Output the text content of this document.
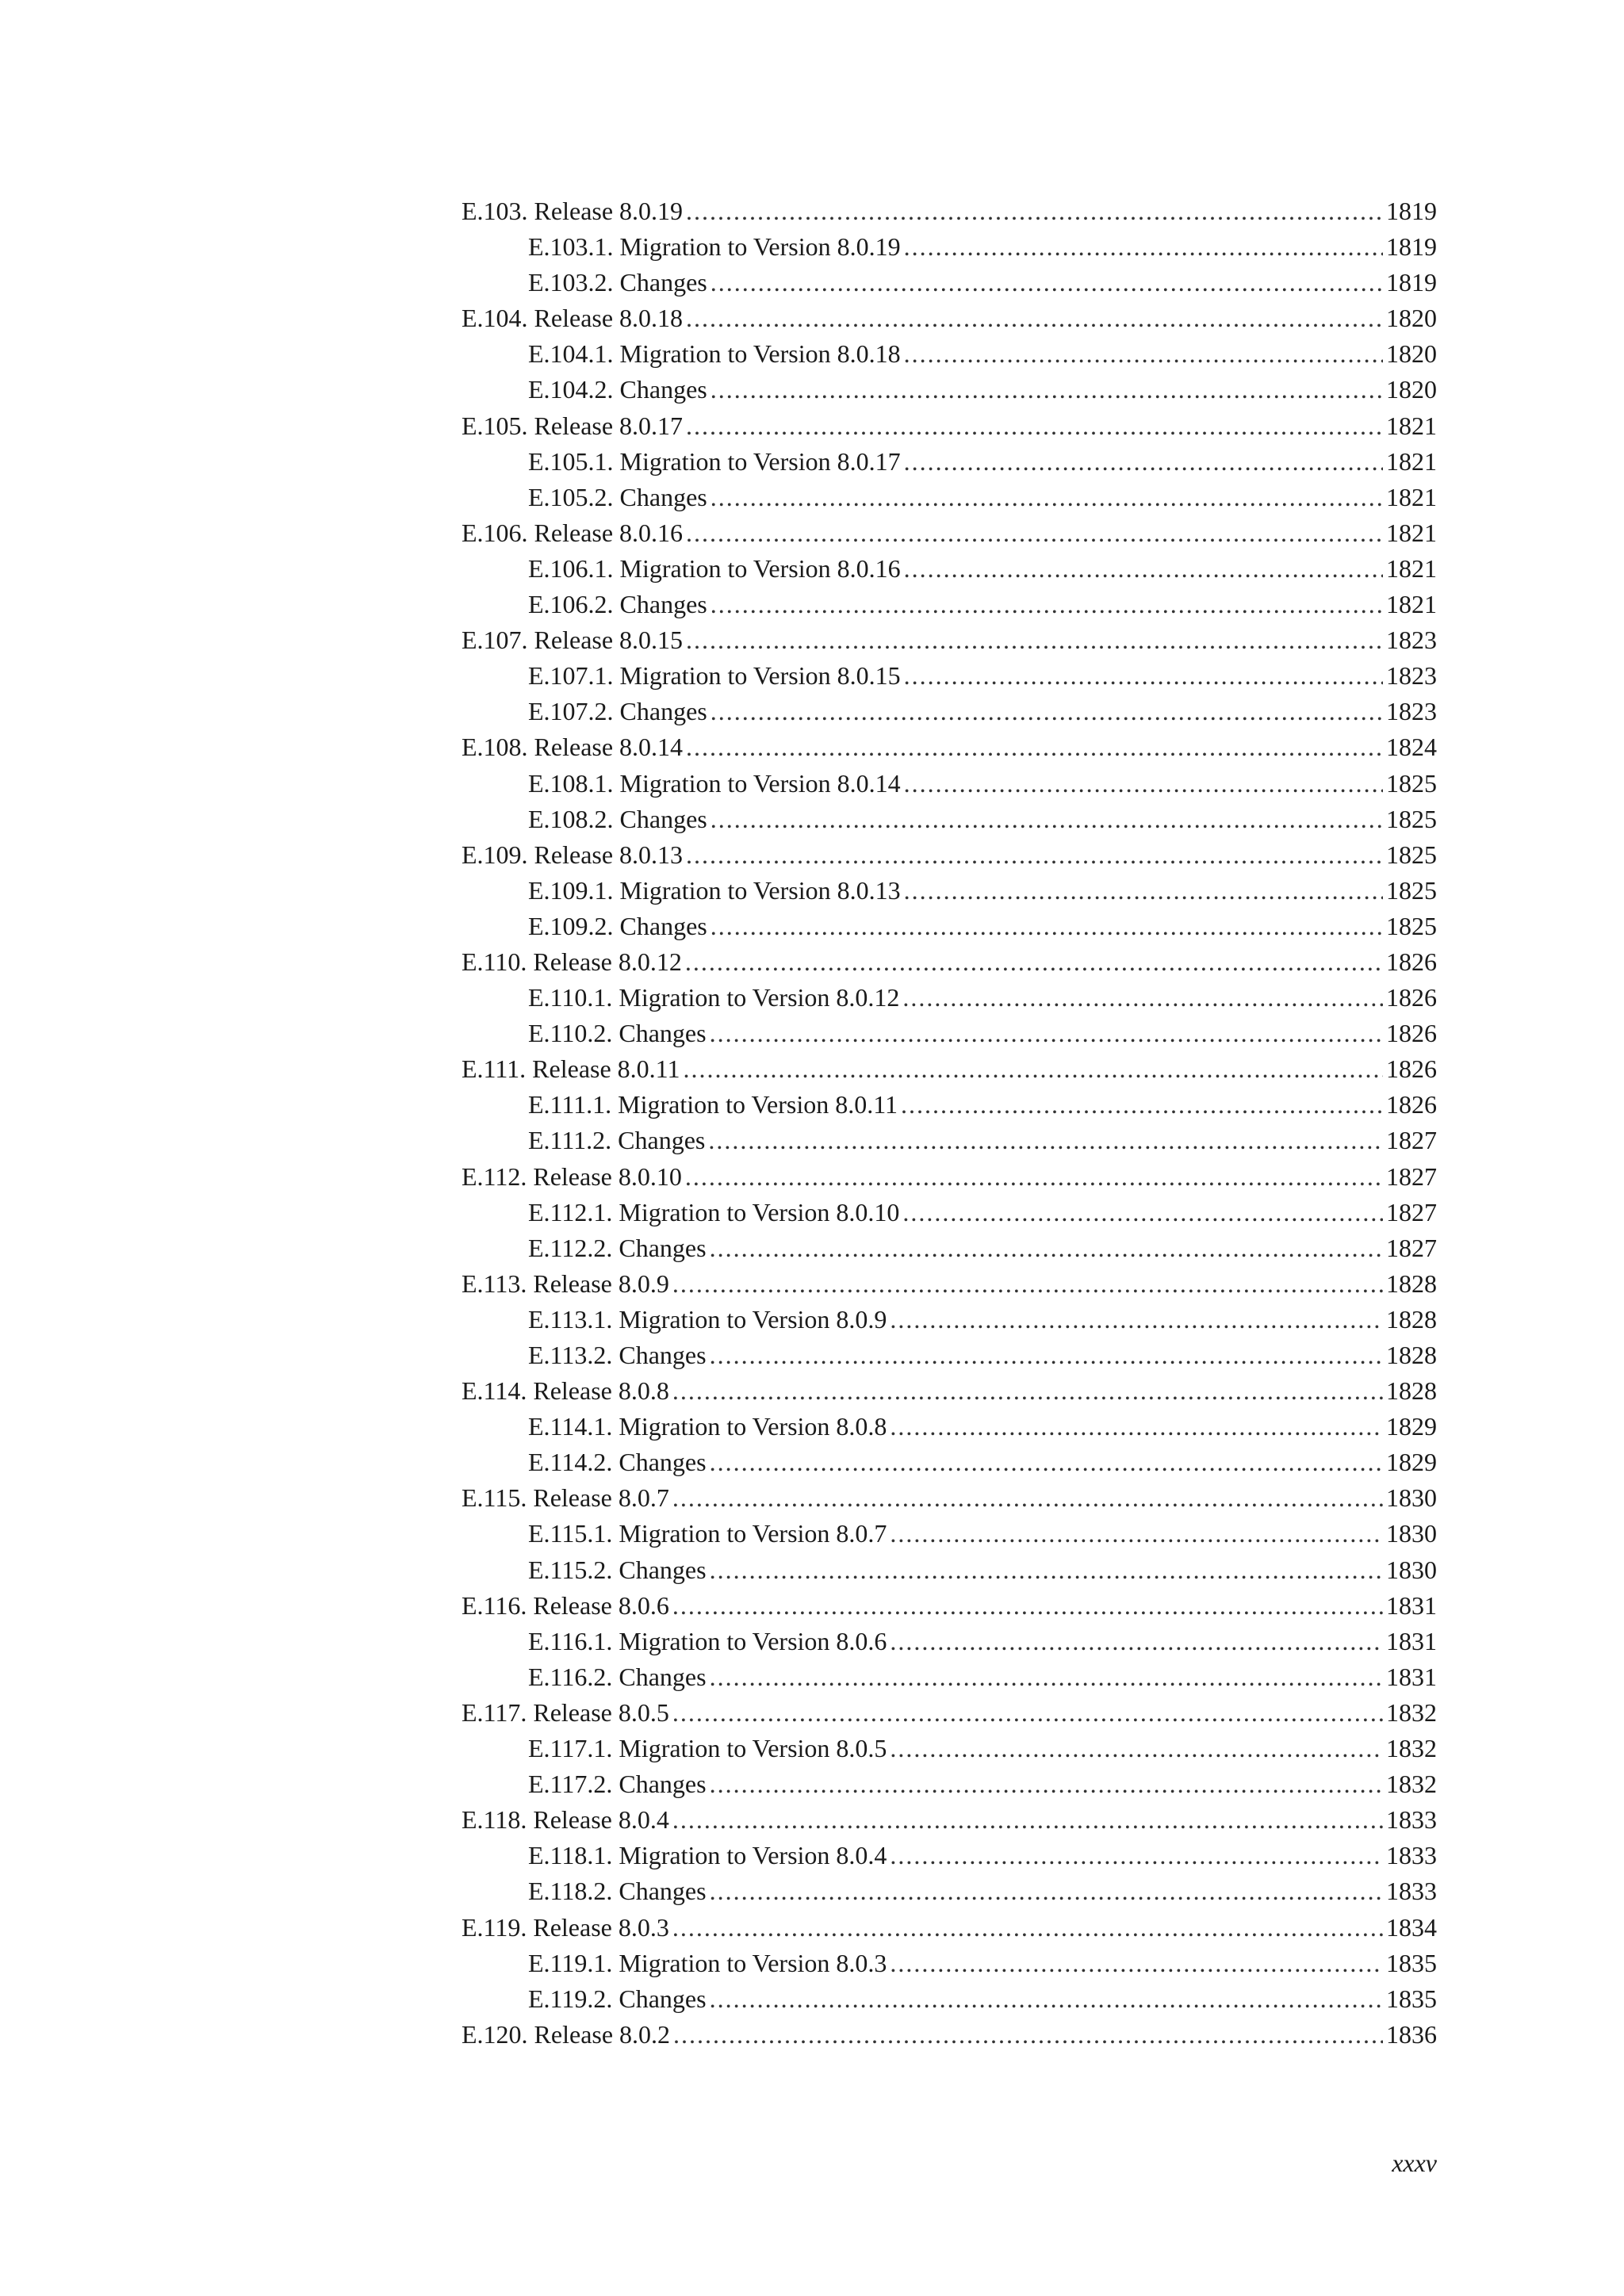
E.103. Release 8.0.19 .....	1819
E.103.1. Migration to Version 8.0.19 .....	1819
E.103.2. Changes .....	1819
E.104. Release 8.0.18 .....	1820
E.104.1. Migration to Version 8.0.18 .....	1820
E.104.2. Changes .....	1820
E.105. Release 8.0.17 .....	1821
E.105.1. Migration to Version 8.0.17 .....	1821
E.105.2. Changes .....	1821
E.106. Release 8.0.16 .....	1821
E.106.1. Migration to Version 8.0.16 .....	1821
E.106.2. Changes .....	1821
E.107. Release 8.0.15 .....	1823
E.107.1. Migration to Version 8.0.15 .....	1823
E.107.2. Changes .....	1823
E.108. Release 8.0.14 .....	1824
E.108.1. Migration to Version 8.0.14 .....	1825
E.108.2. Changes .....	1825
E.109. Release 8.0.13 .....	1825
E.109.1. Migration to Version 8.0.13 .....	1825
E.109.2. Changes .....	1825
E.110. Release 8.0.12 .....	1826
E.110.1. Migration to Version 8.0.12 .....	1826
E.110.2. Changes .....	1826
E.111. Release 8.0.11 .....	1826
E.111.1. Migration to Version 8.0.11 .....	1826
E.111.2. Changes .....	1827
E.112. Release 8.0.10 .....	1827
E.112.1. Migration to Version 8.0.10 .....	1827
E.112.2. Changes .....	1827
E.113. Release 8.0.9 .....	1828
E.113.1. Migration to Version 8.0.9 .....	1828
E.113.2. Changes .....	1828
E.114. Release 8.0.8 .....	1828
E.114.1. Migration to Version 8.0.8 .....	1829
E.114.2. Changes .....	1829
E.115. Release 8.0.7 .....	1830
E.115.1. Migration to Version 8.0.7 .....	1830
E.115.2. Changes .....	1830
E.116. Release 8.0.6 .....	1831
E.116.1. Migration to Version 8.0.6 .....	1831
E.116.2. Changes .....	1831
E.117. Release 8.0.5 .....	1832
E.117.1. Migration to Version 8.0.5 .....	1832
E.117.2. Changes .....	1832
E.118. Release 8.0.4 .....	1833
E.118.1. Migration to Version 8.0.4 .....	1833
E.118.2. Changes .....	1833
E.119. Release 8.0.3 .....	1834
E.119.1. Migration to Version 8.0.3 .....	1835
E.119.2. Changes .....	1835
E.120. Release 8.0.2 .....	1836
xxxv
